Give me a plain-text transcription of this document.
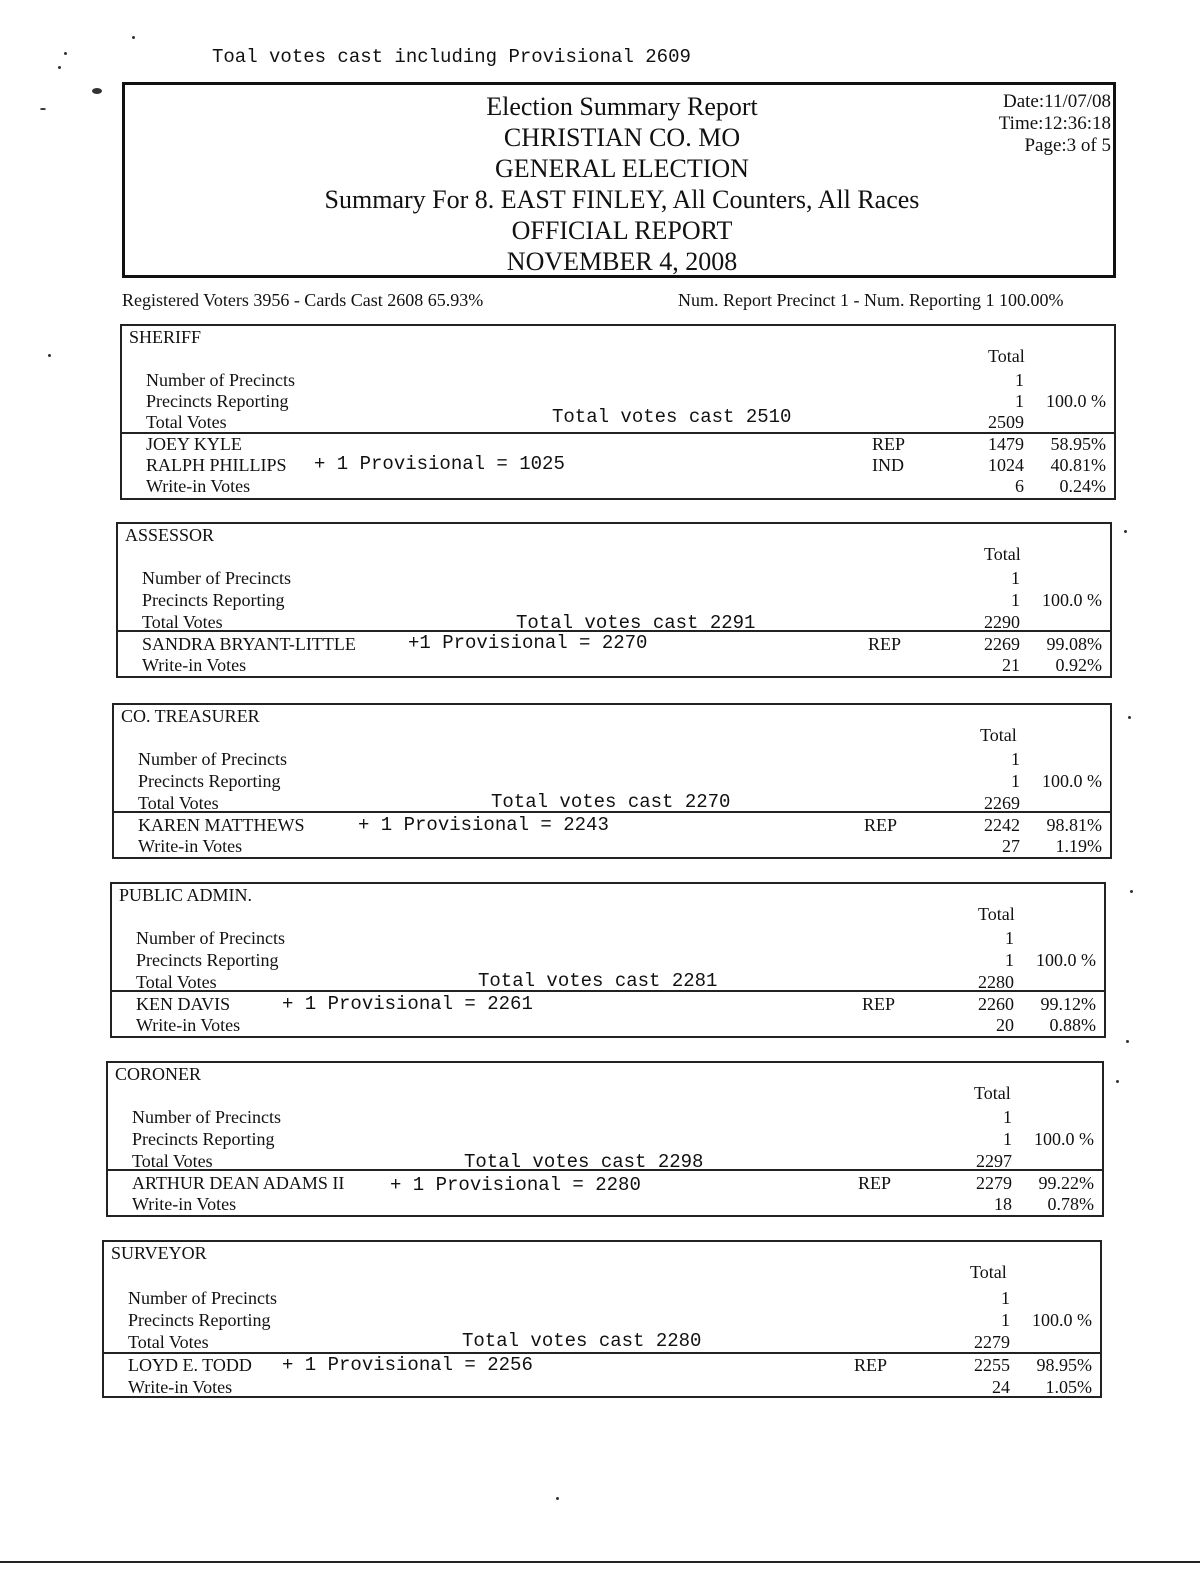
Toal votes cast including Provisional 2609
Election Summary Report
CHRISTIAN CO. MO
GENERAL ELECTION
Summary For 8. EAST FINLEY, All Counters, All Races
OFFICIAL REPORT
NOVEMBER 4, 2008
Date:11/07/08
Time:12:36:18
Page:3 of 5
Registered Voters 3956 - Cards Cast 2608 65.93%	Num. Report Precinct 1 - Num. Reporting 1 100.00%
SHERIFF
Total
Number of Precincts	1
Precincts Reporting	1 100.0 %
Total Votes	Total votes cast 2510	2509
JOEY KYLE	REP	1479 58.95%
RALPH PHILLIPS + 1 Provisional = 1025	IND	1024 40.81%
Write-in Votes	6 0.24%
ASSESSOR
Total
Number of Precincts	1
Precincts Reporting	1 100.0 %
Total Votes	Total votes cast 2291	2290
SANDRA BRYANT-LITTLE	+1 Provisional = 2270	REP	2269 99.08%
Write-in Votes	21 0.92%
CO. TREASURER
Total
Number of Precincts	1
Precincts Reporting	1 100.0 %
Total Votes	Total votes cast 2270	2269
KAREN MATTHEWS	+ 1 Provisional = 2243	REP	2242 98.81%
Write-in Votes	27 1.19%
PUBLIC ADMIN.
Total
Number of Precincts	1
Precincts Reporting	1 100.0 %
Total Votes	Total votes cast 2281	2280
KEN DAVIS	+ 1 Provisional = 2261	REP	2260 99.12%
Write-in Votes	20 0.88%
CORONER
Total
Number of Precincts	1
Precincts Reporting	1 100.0 %
Total Votes	Total votes cast 2298	2297
ARTHUR DEAN ADAMS II + 1 Provisional = 2280	REP	2279 99.22%
Write-in Votes	18 0.78%
SURVEYOR
Total
Number of Precincts	1
Precincts Reporting	1 100.0 %
Total Votes	Total votes cast 2280	2279
LOYD E. TODD + 1 Provisional = 2256	REP	2255 98.95%
Write-in Votes	24 1.05%
